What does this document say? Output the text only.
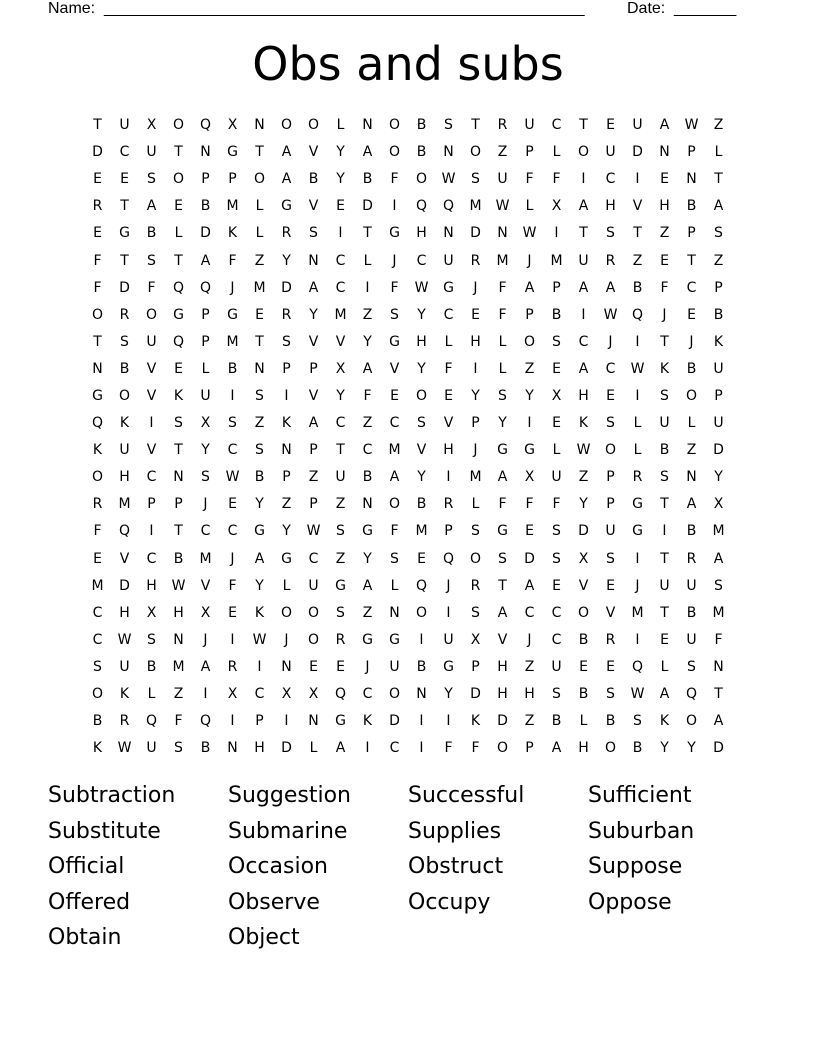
Name: ______________________________________________________	Date: _______
Obs and subs
T	U	X	O	Q	X	N	O	O	L	N	O	B	S	T	R	U	C	T	E	U	A	W	Z
D	C	U	T	N	G	T	A	V	Y	A	O	B	N	O	Z	P	L	O	U	D	N	P	L
E	E	S	O	P	P	O	A	B	Y	B	F	O	W	S	U	F	F	I	C	I	E	N	T
R	T	A	E	B	M	L	G	V	E	D	I	Q	Q	M	W	L	X	A	H	V	H	B	A
E	G	B	L	D	K	L	R	S	I	T	G	H	N	D	N	W	I	T	S	T	Z	P	S
F	T	S	T	A	F	Z	Y	N	C	L	J	C	U	R	M	J	M	U	R	Z	E	T	Z
F	D	F	Q	Q	J	M	D	A	C	I	F	W	G	J	F	A	P	A	A	B	F	C	P
O	R	O	G	P	G	E	R	Y	M	Z	S	Y	C	E	F	P	B	I	W	Q	J	E	B
T	S	U	Q	P	M	T	S	V	V	Y	G	H	L	H	L	O	S	C	J	I	T	J	K
N	B	V	E	L	B	N	P	P	X	A	V	Y	F	I	L	Z	E	A	C	W	K	B	U
G	O	V	K	U	I	S	I	V	Y	F	E	O	E	Y	S	Y	X	H	E	I	S	O	P
Q	K	I	S	X	S	Z	K	A	C	Z	C	S	V	P	Y	I	E	K	S	L	U	L	U
K	U	V	T	Y	C	S	N	P	T	C	M	V	H	J	G	G	L	W	O	L	B	Z	D
O	H	C	N	S	W	B	P	Z	U	B	A	Y	I	M	A	X	U	Z	P	R	S	N	Y
R	M	P	P	J	E	Y	Z	P	Z	N	O	B	R	L	F	F	F	Y	P	G	T	A	X
F	Q	I	T	C	C	G	Y	W	S	G	F	M	P	S	G	E	S	D	U	G	I	B	M
E	V	C	B	M	J	A	G	C	Z	Y	S	E	Q	O	S	D	S	X	S	I	T	R	A
M	D	H	W	V	F	Y	L	U	G	A	L	Q	J	R	T	A	E	V	E	J	U	U	S
C	H	X	H	X	E	K	O	O	S	Z	N	O	I	S	A	C	C	O	V	M	T	B	M
C	W	S	N	J	I	W	J	O	R	G	G	I	U	X	V	J	C	B	R	I	E	U	F
S	U	B	M	A	R	I	N	E	E	J	U	B	G	P	H	Z	U	E	E	Q	L	S	N
O	K	L	Z	I	X	C	X	X	Q	C	O	N	Y	D	H	H	S	B	S	W	A	Q	T
B	R	Q	F	Q	I	P	I	N	G	K	D	I	I	K	D	Z	B	L	B	S	K	O	A
K	W	U	S	B	N	H	D	L	A	I	C	I	F	F	O	P	A	H	O	B	Y	Y	D
Subtraction	Suggestion	Successful	Sufficient
Substitute	Submarine	Supplies	Suburban
Official	Occasion	Obstruct	Suppose
Offered	Observe	Occupy	Oppose
Obtain	Object
